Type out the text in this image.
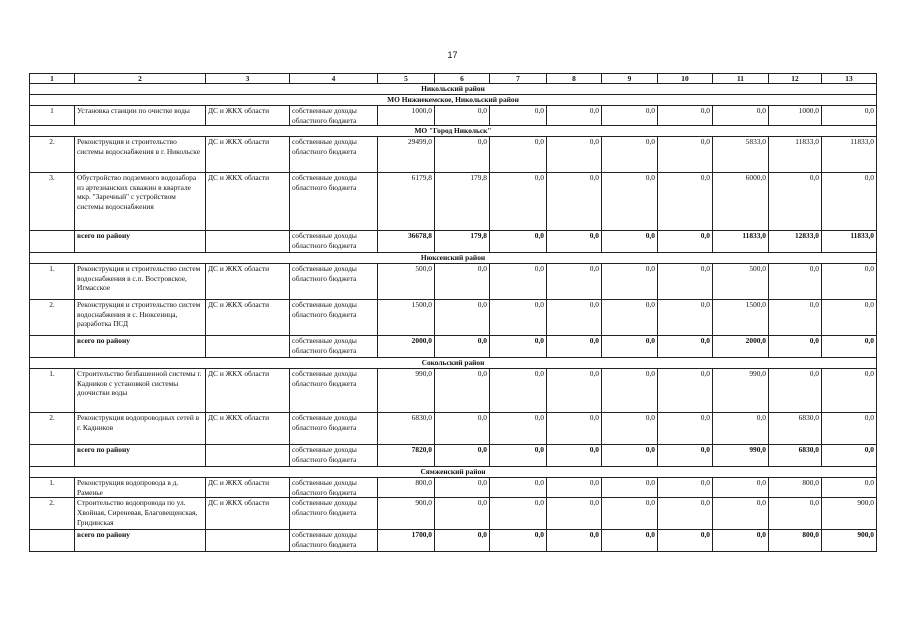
17
1	2	3	4	5	6	7	8	9	10	11	12	13
Никольский район												
МО Нижнекемское, Никольский район												
1	Установка станции по очистке воды	ДС и ЖКХ области	собственные доходы областного бюджета	1000,0	0,0	0,0	0,0	0,0	0,0	0,0	1000,0	0,0
МО "Город Никольск"												
2.	Реконструкция и строительство системы водоснабжения в г. Никольске	ДС и ЖКХ области	собственные доходы областного бюджета	29499,0	0,0	0,0	0,0	0,0	0,0	5833,0	11833,0	11833,0
3.	Обустройство подземного водозабора из артезианских скважин в квартале мкр. "Заречный" с устройством системы водоснабжения	ДС и ЖКХ области	собственные доходы областного бюджета	6179,8	179,8	0,0	0,0	0,0	0,0	6000,0	0,0	0,0
	всего по району		собственные доходы областного бюджета	36678,8	179,8	0,0	0,0	0,0	0,0	11833,0	12833,0	11833,0
Нюксенский район												
1.	Реконструкция и строительство систем водоснабжения в с.п. Востровское, Игмасское	ДС и ЖКХ области	собственные доходы областного бюджета	500,0	0,0	0,0	0,0	0,0	0,0	500,0	0,0	0,0
2.	Реконструкция и строительство систем водоснабжения в с. Нюксеница, разработка ПСД	ДС и ЖКХ области	собственные доходы областного бюджета	1500,0	0,0	0,0	0,0	0,0	0,0	1500,0	0,0	0,0
	всего по району		собственные доходы областного бюджета	2000,0	0,0	0,0	0,0	0,0	0,0	2000,0	0,0	0,0
Сокольский район												
1.	Строительство безбашенной системы г. Кадников с установкой системы доочистки воды	ДС и ЖКХ области	собственные доходы областного бюджета	990,0	0,0	0,0	0,0	0,0	0,0	990,0	0,0	0,0
2.	Реконструкция водопроводных сетей в г. Кадников	ДС и ЖКХ области	собственные доходы областного бюджета	6830,0	0,0	0,0	0,0	0,0	0,0	0,0	6830,0	0,0
	всего по району		собственные доходы областного бюджета	7820,0	0,0	0,0	0,0	0,0	0,0	990,0	6830,0	0,0
Сямженский район												
1.	Реконструкция водопровода в д. Раменье	ДС и ЖКХ области	собственные доходы областного бюджета	800,0	0,0	0,0	0,0	0,0	0,0	0,0	800,0	0,0
2.	Строительство водопровода по ул. Хвойная, Сиреневая, Благовещенская, Гридинская	ДС и ЖКХ области	собственные доходы областного бюджета	900,0	0,0	0,0	0,0	0,0	0,0	0,0	0,0	900,0
	всего по району		собственные доходы областного бюджета	1700,0	0,0	0,0	0,0	0,0	0,0	0,0	800,0	900,0
